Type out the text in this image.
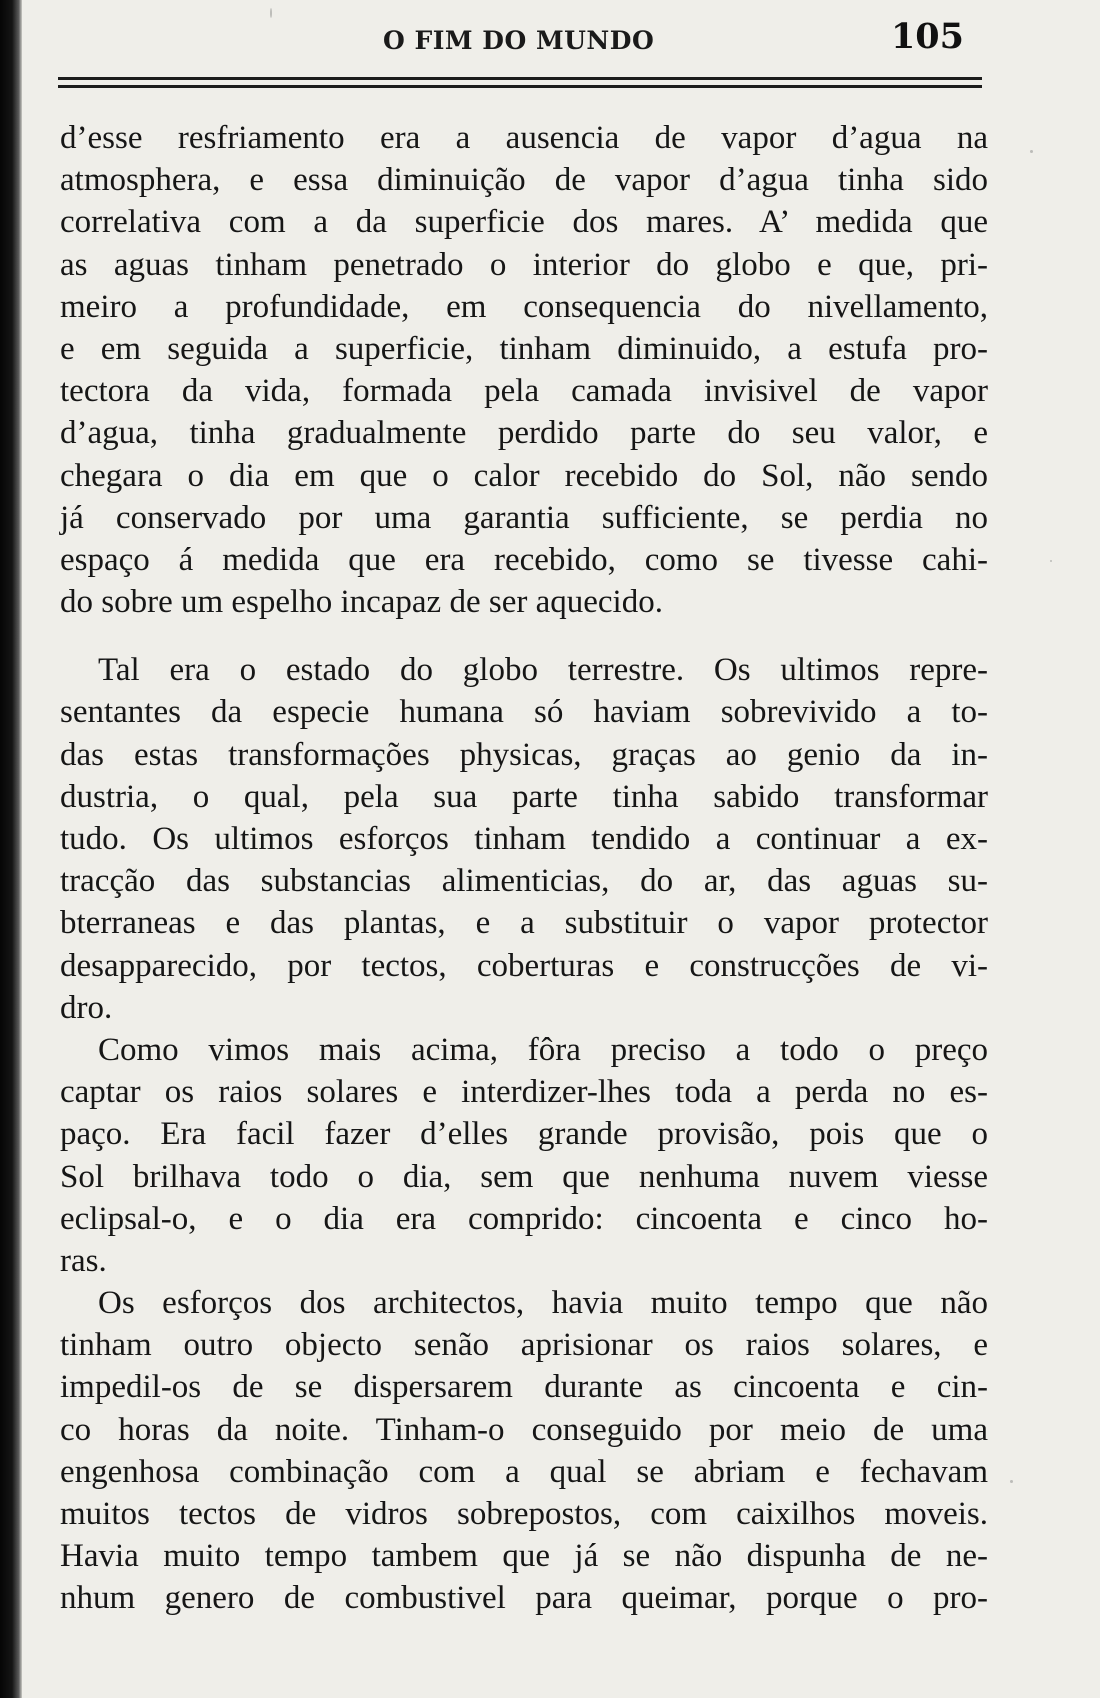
O FIM DO MUNDO	105
d’esse resfriamento era a ausencia de vapor d’agua na
atmosphera, e essa diminuição de vapor d’agua tinha sido
correlativa com a da superficie dos mares. A’ medida que
as aguas tinham penetrado o interior do globo e que, pri-
meiro a profundidade, em consequencia do nivellamento,
e em seguida a superficie, tinham diminuido, a estufa pro-
tectora da vida, formada pela camada invisivel de vapor
d’agua, tinha gradualmente perdido parte do seu valor, e
chegara o dia em que o calor recebido do Sol, não sendo
já conservado por uma garantia sufficiente, se perdia no
espaço á medida que era recebido, como se tivesse cahi-
do sobre um espelho incapaz de ser aquecido.
Tal era o estado do globo terrestre. Os ultimos repre-
sentantes da especie humana só haviam sobrevivido a to-
das estas transformações physicas, graças ao genio da in-
dustria, o qual, pela sua parte tinha sabido transformar
tudo. Os ultimos esforços tinham tendido a continuar a ex-
tracção das substancias alimenticias, do ar, das aguas su-
bterraneas e das plantas, e a substituir o vapor protector
desapparecido, por tectos, coberturas e construcções de vi-
dro.
Como vimos mais acima, fôra preciso a todo o preço
captar os raios solares e interdizer-lhes toda a perda no es-
paço. Era facil fazer d’elles grande provisão, pois que o
Sol brilhava todo o dia, sem que nenhuma nuvem viesse
eclipsal-o, e o dia era comprido: cincoenta e cinco ho-
ras.
Os esforços dos architectos, havia muito tempo que não
tinham outro objecto senão aprisionar os raios solares, e
impedil-os de se dispersarem durante as cincoenta e cin-
co horas da noite. Tinham-o conseguido por meio de uma
engenhosa combinação com a qual se abriam e fechavam
muitos tectos de vidros sobrepostos, com caixilhos moveis.
Havia muito tempo tambem que já se não dispunha de ne-
nhum genero de combustivel para queimar, porque o pro-
